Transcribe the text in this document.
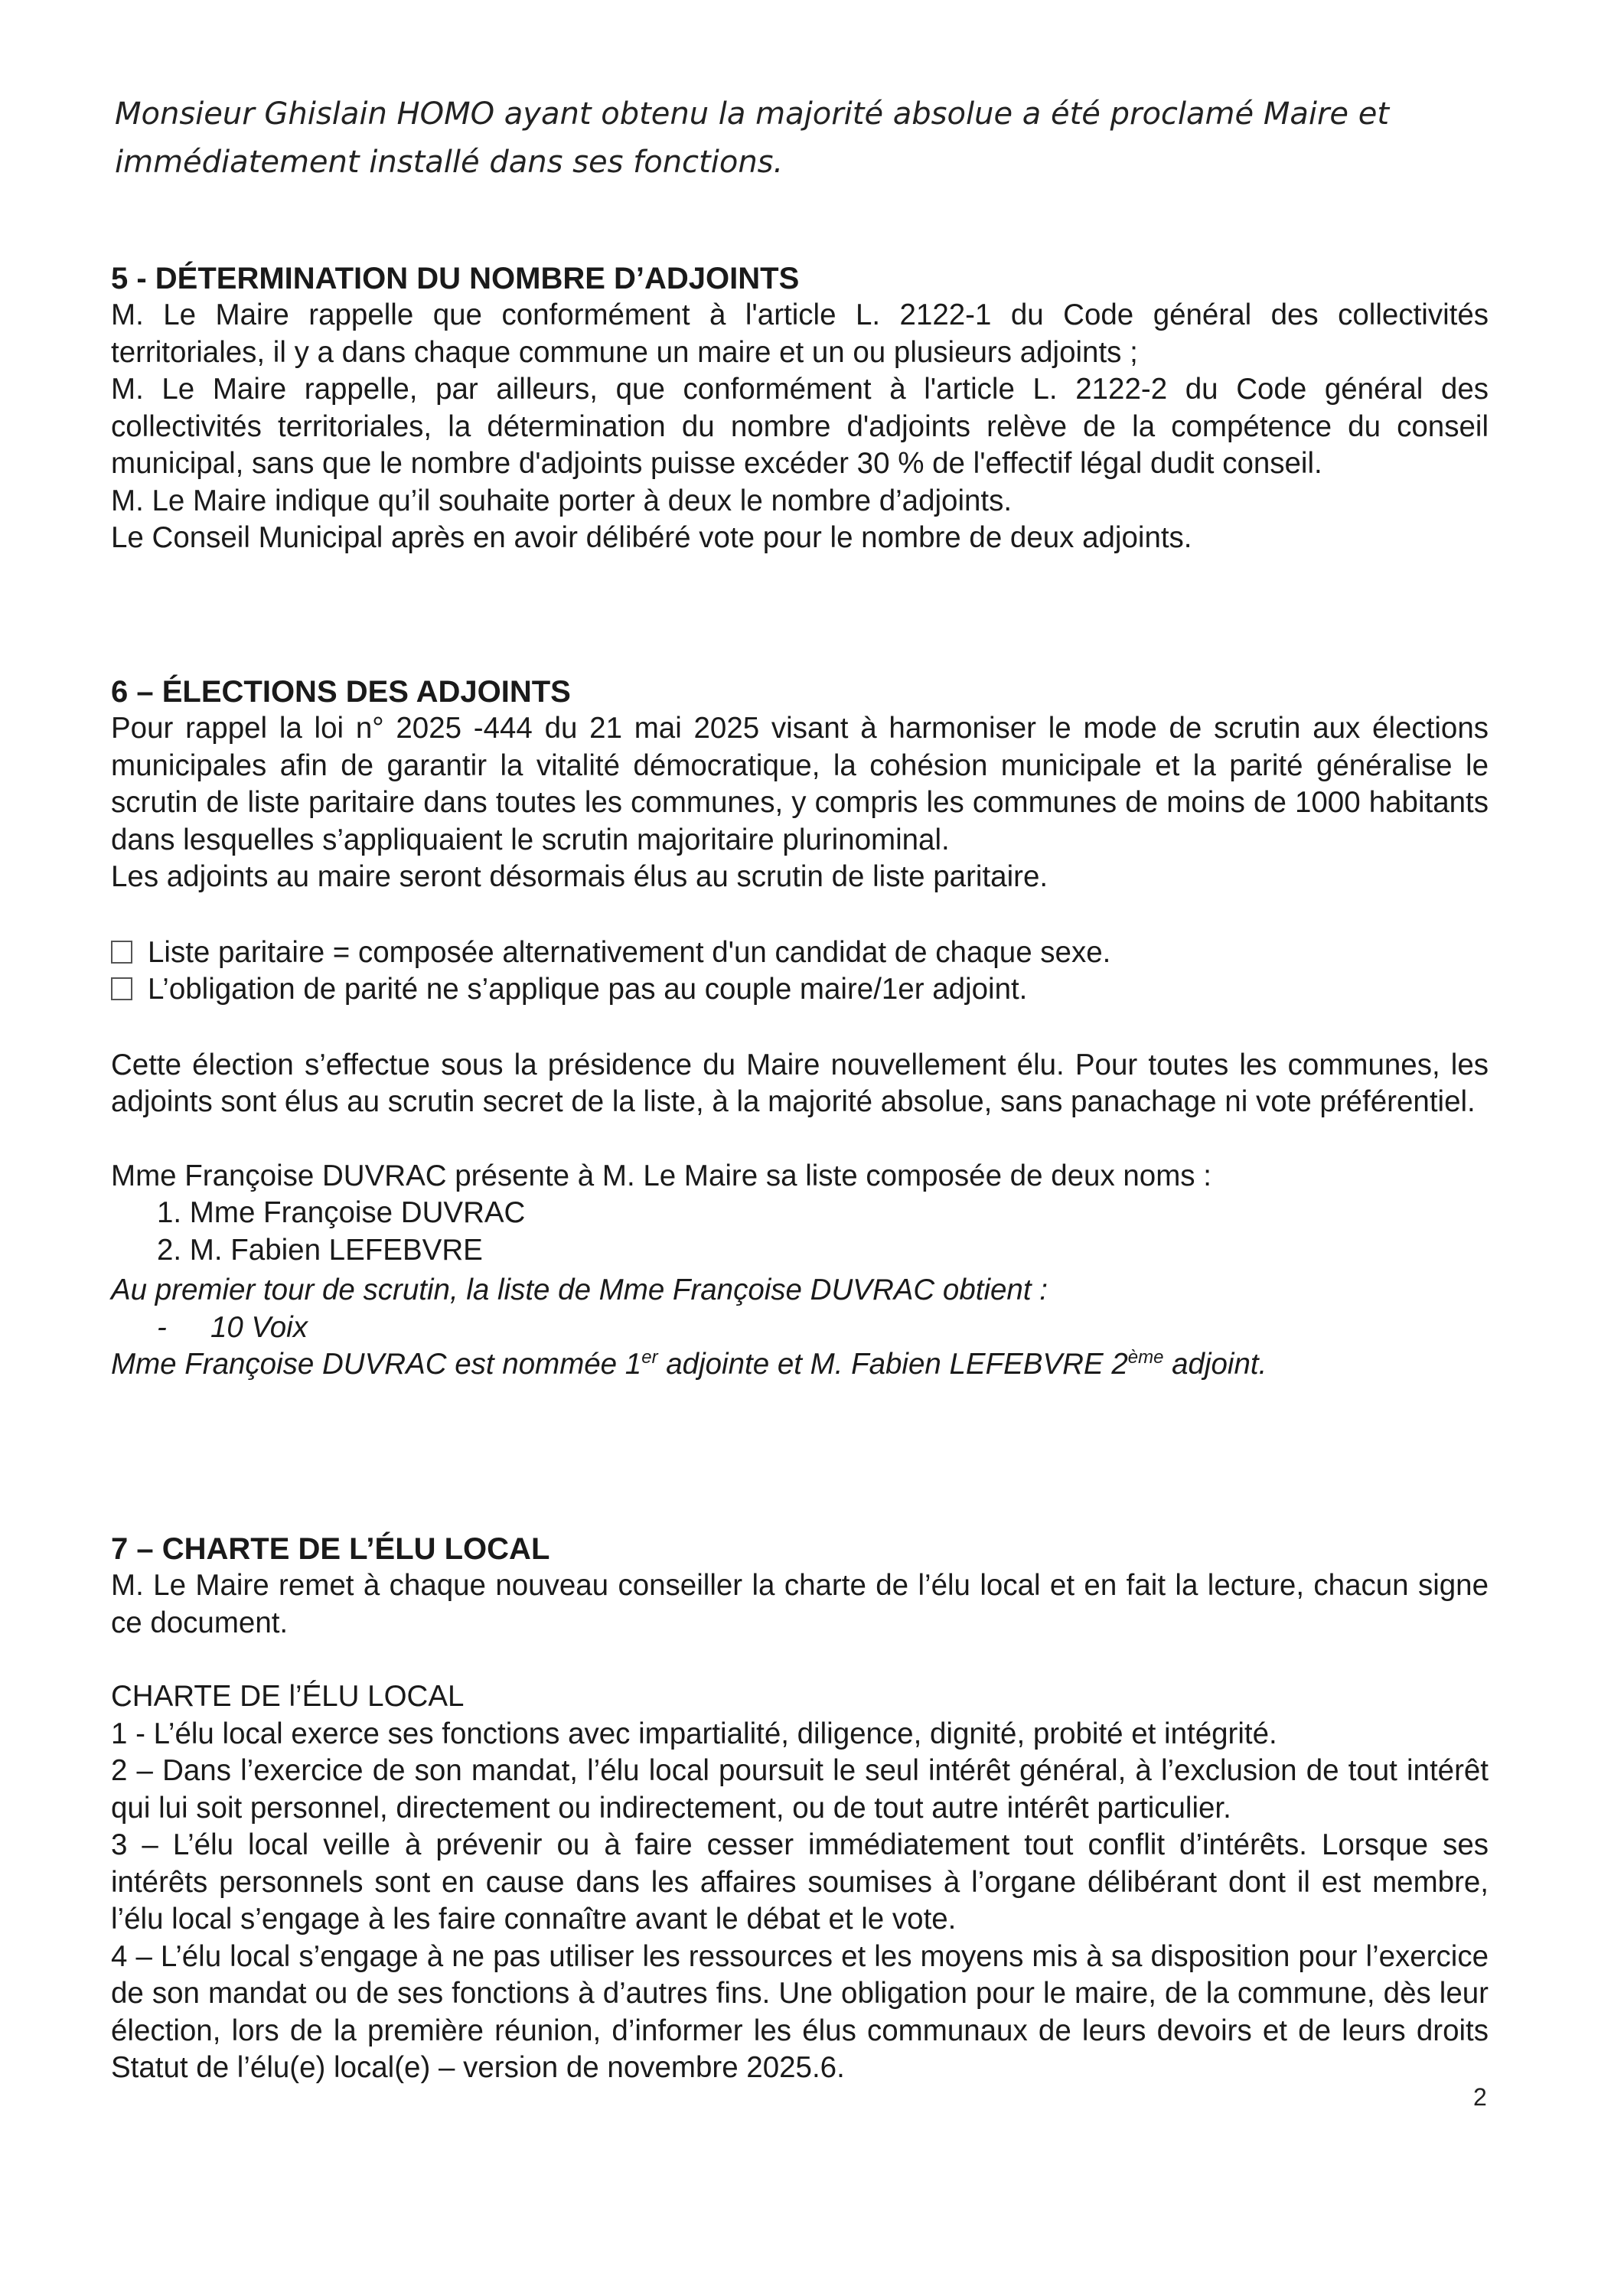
Monsieur Ghislain HOMO ayant obtenu la majorité absolue a été proclamé Maire et immédiatement installé dans ses fonctions.

5 - DÉTERMINATION DU NOMBRE D’ADJOINTS

M. Le Maire rappelle que conformément à l'article L. 2122-1 du Code général des collectivités territoriales, il y a dans chaque commune un maire et un ou plusieurs adjoints ;

M. Le Maire rappelle, par ailleurs, que conformément à l'article L. 2122-2 du Code général des collectivités territoriales, la détermination du nombre d'adjoints relève de la compétence du conseil municipal, sans que le nombre d'adjoints puisse excéder 30 % de l'effectif légal dudit conseil.

M. Le Maire indique qu’il souhaite porter à deux le nombre d’adjoints.

Le Conseil Municipal après en avoir délibéré vote pour le nombre de deux adjoints.

6 – ÉLECTIONS DES ADJOINTS

Pour rappel la loi n° 2025 -444 du 21 mai 2025 visant à harmoniser le mode de scrutin aux élections municipales afin de garantir la vitalité démocratique, la cohésion municipale et la parité généralise le scrutin de liste paritaire dans toutes les communes, y compris les communes de moins de 1000 habitants dans lesquelles s’appliquaient le scrutin majoritaire plurinominal.

Les adjoints au maire seront désormais élus au scrutin de liste paritaire.

Liste paritaire = composée alternativement d'un candidat de chaque sexe.

L’obligation de parité ne s’applique pas au couple maire/1er adjoint.

Cette élection s’effectue sous la présidence du Maire nouvellement élu. Pour toutes les communes, les adjoints sont élus au scrutin secret de la liste, à la majorité absolue, sans panachage ni vote préférentiel.

Mme Françoise DUVRAC présente à M. Le Maire sa liste composée de deux noms :

1. Mme Françoise DUVRAC
2. M. Fabien LEFEBVRE

Au premier tour de scrutin, la liste de Mme Françoise DUVRAC obtient :

- 10 Voix

Mme Françoise DUVRAC est nommée 1er adjointe et M. Fabien LEFEBVRE 2ème adjoint.

7 – CHARTE DE L’ÉLU LOCAL

M. Le Maire remet à chaque nouveau conseiller la charte de l’élu local et en fait la lecture, chacun signe ce document.

CHARTE DE l’ÉLU LOCAL

1 - L’élu local exerce ses fonctions avec impartialité, diligence, dignité, probité et intégrité.

2 – Dans l’exercice de son mandat, l’élu local poursuit le seul intérêt général, à l’exclusion de tout intérêt qui lui soit personnel, directement ou indirectement, ou de tout autre intérêt particulier.

3 – L’élu local veille à prévenir ou à faire cesser immédiatement tout conflit d’intérêts. Lorsque ses intérêts personnels sont en cause dans les affaires soumises à l’organe délibérant dont il est membre, l’élu local s’engage à les faire connaître avant le débat et le vote.

4 – L’élu local s’engage à ne pas utiliser les ressources et les moyens mis à sa disposition pour l’exercice de son mandat ou de ses fonctions à d’autres fins. Une obligation pour le maire, de la commune, dès leur élection, lors de la première réunion, d’informer les élus communaux de leurs devoirs et de leurs droits Statut de l’élu(e) local(e) – version de novembre 2025.6.

2
